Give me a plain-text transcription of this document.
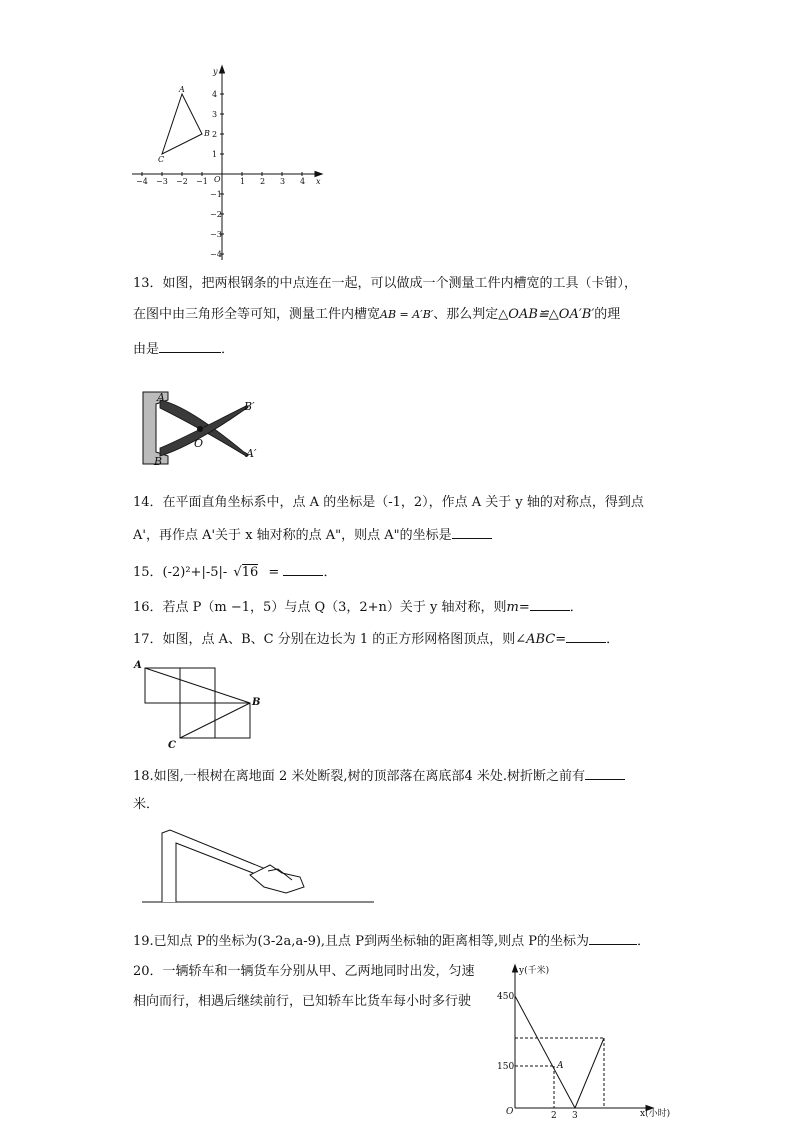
−4 −3 −2 −1	1 2 3 4
4
3
2
1
−1
−2
−3
−4
O	x
y
A
B
C
13．如图，把两根钢条的中点连在一起，可以做成一个测量工件内槽宽的工具（卡钳），
在图中由三角形全等可知，测量工件内槽宽AB = A′B′、那么判定△OAB≌△OA′B′的理
由是	．
A
B
B′
A′
O
14．在平面直角坐标系中，点 A 的坐标是（-1，2），作点 A 关于 y 轴的对称点，得到点
A'，再作点 A'关于 x 轴对称的点 A"，则点 A"的坐标是
15．(-2)²+|-5|- √16 =	．
16．若点 P（m −1，5）与点 Q（3，2+n）关于 y 轴对称，则m=	．
17．如图，点 A、B、C 分别在边长为 1 的正方形网格图顶点，则∠ABC=	．
A
B
C
18.如图,一根树在离地面 2 米处断裂,树的顶部落在离底部4 米处.树折断之前有
米．
19.已知点 P的坐标为(3-2a,a-9),且点 P到两坐标轴的距离相等,则点 P的坐标为	．
20．一辆轿车和一辆货车分别从甲、乙两地同时出发，匀速
相向而行，相遇后继续前行，已知轿车比货车每小时多行驶
y(千米)
x(小时)
O
450
150
2 3
A
